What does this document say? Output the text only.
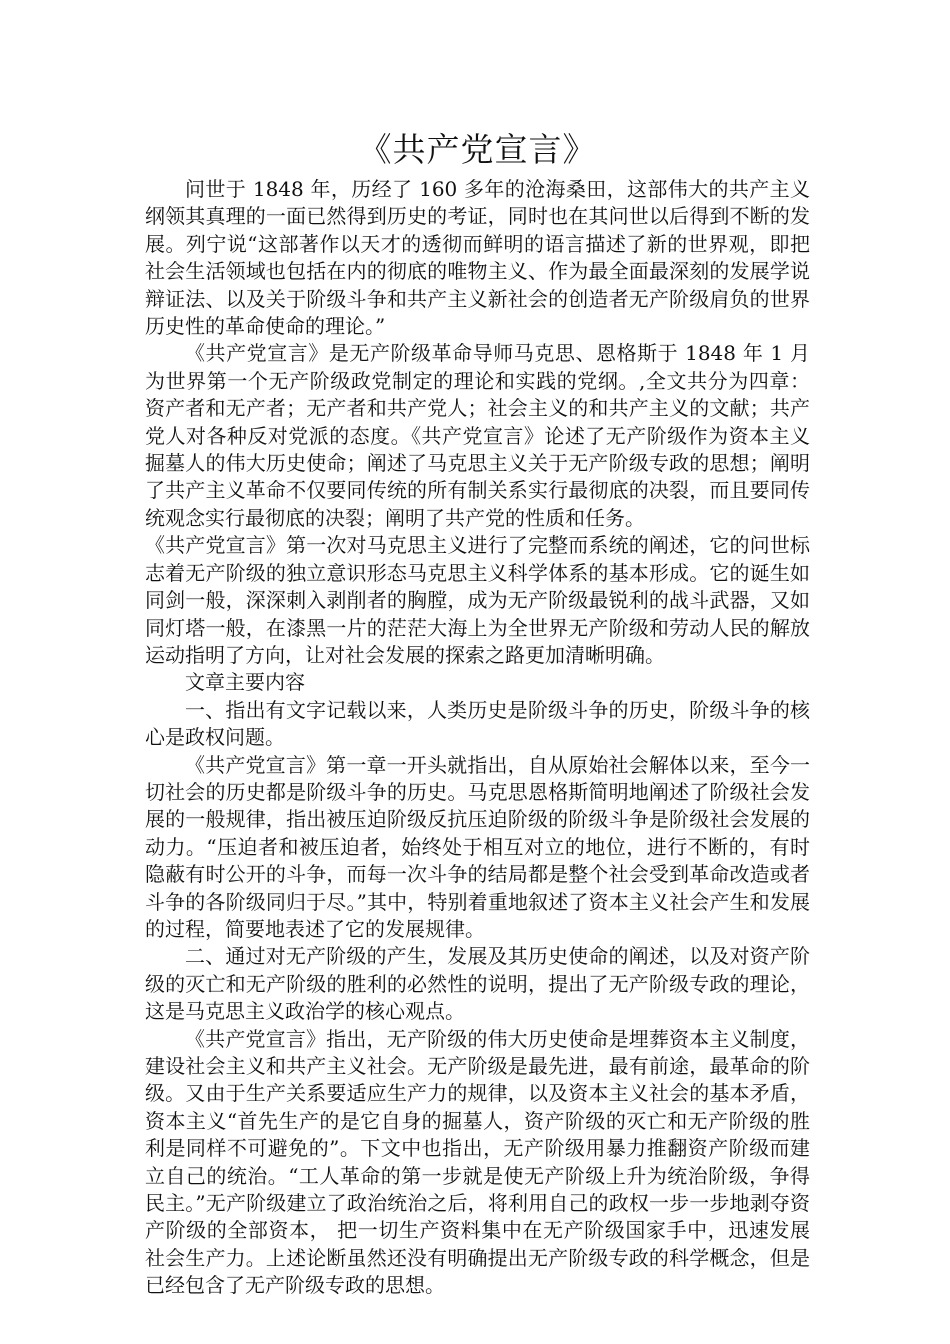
《共产党宣言》

问世于 1848 年，历经了 160 多年的沧海桑田，这部伟大的共产主义纲领其真理的一面已然得到历史的考证，同时也在其问世以后得到不断的发展。列宁说“这部著作以天才的透彻而鲜明的语言描述了新的世界观，即把社会生活领域也包括在内的彻底的唯物主义、作为最全面最深刻的发展学说辩证法、以及关于阶级斗争和共产主义新社会的创造者无产阶级肩负的世界历史性的革命使命的理论。”

《共产党宣言》是无产阶级革命导师马克思、恩格斯于 1848 年 1 月为世界第一个无产阶级政党制定的理论和实践的党纲。,全文共分为四章：资产者和无产者；无产者和共产党人；社会主义的和共产主义的文献；共产党人对各种反对党派的态度。《共产党宣言》论述了无产阶级作为资本主义掘墓人的伟大历史使命；阐述了马克思主义关于无产阶级专政的思想；阐明了共产主义革命不仅要同传统的所有制关系实行最彻底的决裂，而且要同传统观念实行最彻底的决裂；阐明了共产党的性质和任务。

《共产党宣言》第一次对马克思主义进行了完整而系统的阐述，它的问世标志着无产阶级的独立意识形态马克思主义科学体系的基本形成。它的诞生如同剑一般，深深刺入剥削者的胸膛，成为无产阶级最锐利的战斗武器，又如同灯塔一般，在漆黑一片的茫茫大海上为全世界无产阶级和劳动人民的解放运动指明了方向，让对社会发展的探索之路更加清晰明确。

文章主要内容

一、指出有文字记载以来，人类历史是阶级斗争的历史，阶级斗争的核心是政权问题。

《共产党宣言》第一章一开头就指出，自从原始社会解体以来，至今一切社会的历史都是阶级斗争的历史。马克思恩格斯简明地阐述了阶级社会发展的一般规律，指出被压迫阶级反抗压迫阶级的阶级斗争是阶级社会发展的动力。“压迫者和被压迫者，始终处于相互对立的地位，进行不断的，有时隐蔽有时公开的斗争，而每一次斗争的结局都是整个社会受到革命改造或者斗争的各阶级同归于尽。”其中，特别着重地叙述了资本主义社会产生和发展的过程，简要地表述了它的发展规律。

二、通过对无产阶级的产生，发展及其历史使命的阐述，以及对资产阶级的灭亡和无产阶级的胜利的必然性的说明，提出了无产阶级专政的理论，这是马克思主义政治学的核心观点。

《共产党宣言》指出，无产阶级的伟大历史使命是埋葬资本主义制度，建设社会主义和共产主义社会。无产阶级是最先进，最有前途，最革命的阶级。又由于生产关系要适应生产力的规律，以及资本主义社会的基本矛盾，资本主义“首先生产的是它自身的掘墓人，资产阶级的灭亡和无产阶级的胜利是同样不可避免的”。下文中也指出，无产阶级用暴力推翻资产阶级而建立自己的统治。“工人革命的第一步就是使无产阶级上升为统治阶级，争得民主。”无产阶级建立了政治统治之后，将利用自己的政权一步一步地剥夺资产阶级的全部资本， 把一切生产资料集中在无产阶级国家手中，迅速发展社会生产力。上述论断虽然还没有明确提出无产阶级专政的科学概念，但是已经包含了无产阶级专政的思想。
